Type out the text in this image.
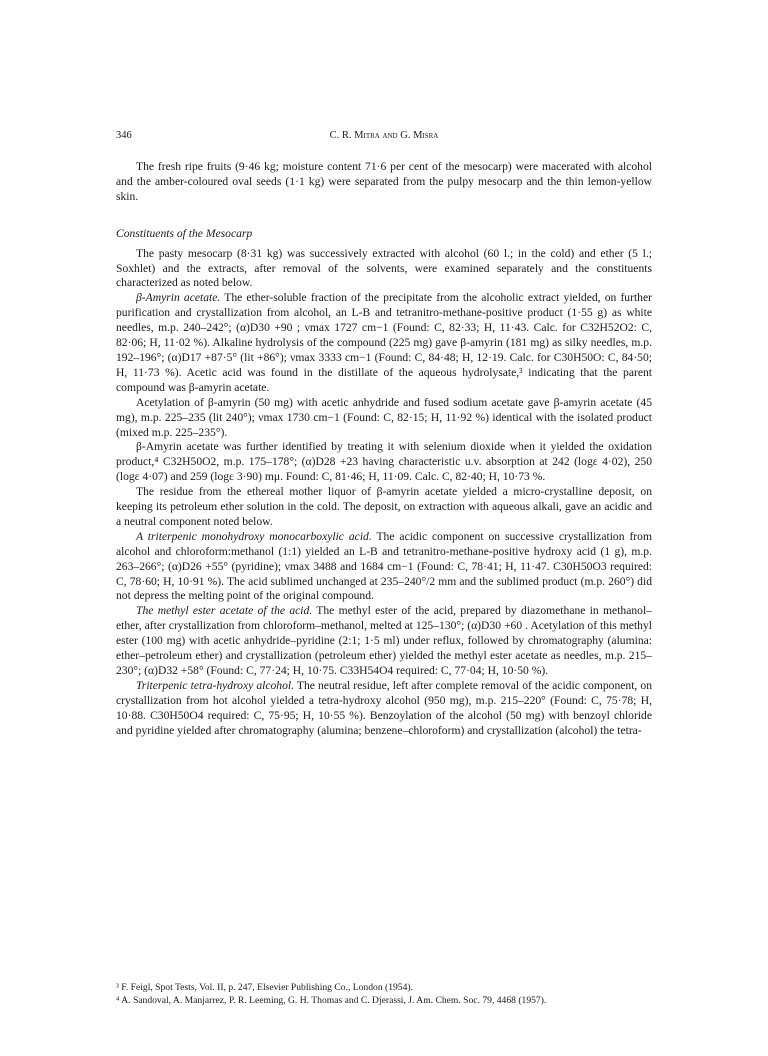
346	C. R. Mitra and G. Misra

The fresh ripe fruits (9·46 kg; moisture content 71·6 per cent of the mesocarp) were macerated with alcohol and the amber-coloured oval seeds (1·1 kg) were separated from the pulpy mesocarp and the thin lemon-yellow skin.

Constituents of the Mesocarp

The pasty mesocarp (8·31 kg) was successively extracted with alcohol (60 l.; in the cold) and ether (5 l.; Soxhlet) and the extracts, after removal of the solvents, were examined separately and the constituents characterized as noted below.

β-Amyrin acetate. The ether-soluble fraction of the precipitate from the alcoholic extract yielded, on further purification and crystallization from alcohol, an L-B and tetranitro-methane-positive product (1·55 g) as white needles, m.p. 240–242°; (α)D30 +90 ; νmax 1727 cm−1 (Found: C, 82·33; H, 11·43. Calc. for C32H52O2: C, 82·06; H, 11·02 %). Alkaline hydrolysis of the compound (225 mg) gave β-amyrin (181 mg) as silky needles, m.p. 192–196°; (α)D17 +87·5° (lit +86°); νmax 3333 cm−1 (Found: C, 84·48; H, 12·19. Calc. for C30H50O: C, 84·50; H, 11·73 %). Acetic acid was found in the distillate of the aqueous hydrolysate,³ indicating that the parent compound was β-amyrin acetate.

Acetylation of β-amyrin (50 mg) with acetic anhydride and fused sodium acetate gave β-amyrin acetate (45 mg), m.p. 225–235 (lit 240°); νmax 1730 cm−1 (Found: C, 82·15; H, 11·92 %) identical with the isolated product (mixed m.p. 225–235°).

β-Amyrin acetate was further identified by treating it with selenium dioxide when it yielded the oxidation product,⁴ C32H50O2, m.p. 175–178°; (α)D28 +23 having characteristic u.v. absorption at 242 (logε 4·02), 250 (logε 4·07) and 259 (logε 3·90) mμ. Found: C, 81·46; H, 11·09. Calc. C, 82·40; H, 10·73 %.

The residue from the ethereal mother liquor of β-amyrin acetate yielded a micro-crystalline deposit, on keeping its petroleum ether solution in the cold. The deposit, on extraction with aqueous alkali, gave an acidic and a neutral component noted below.

A triterpenic monohydroxy monocarboxylic acid. The acidic component on successive crystallization from alcohol and chloroform:methanol (1:1) yielded an L-B and tetranitro-methane-positive hydroxy acid (1 g), m.p. 263–266°; (α)D26 +55° (pyridine); νmax 3488 and 1684 cm−1 (Found: C, 78·41; H, 11·47. C30H50O3 required: C, 78·60; H, 10·91 %). The acid sublimed unchanged at 235–240°/2 mm and the sublimed product (m.p. 260°) did not depress the melting point of the original compound.

The methyl ester acetate of the acid. The methyl ester of the acid, prepared by diazomethane in methanol–ether, after crystallization from chloroform–methanol, melted at 125–130°; (α)D30 +60 . Acetylation of this methyl ester (100 mg) with acetic anhydride–pyridine (2:1; 1·5 ml) under reflux, followed by chromatography (alumina: ether–petroleum ether) and crystallization (petroleum ether) yielded the methyl ester acetate as needles, m.p. 215–230°; (α)D32 +58° (Found: C, 77·24; H, 10·75. C33H54O4 required: C, 77·04; H, 10·50 %).

Triterpenic tetra-hydroxy alcohol. The neutral residue, left after complete removal of the acidic component, on crystallization from hot alcohol yielded a tetra-hydroxy alcohol (950 mg), m.p. 215–220° (Found: C, 75·78; H, 10·88. C30H50O4 required: C, 75·95; H, 10·55 %). Benzoylation of the alcohol (50 mg) with benzoyl chloride and pyridine yielded after chromatography (alumina; benzene–chloroform) and crystallization (alcohol) the tetra-

³ F. Feigl, Spot Tests, Vol. II, p. 247, Elsevier Publishing Co., London (1954).

⁴ A. Sandoval, A. Manjarrez, P. R. Leeming, G. H. Thomas and C. Djerassi, J. Am. Chem. Soc. 79, 4468 (1957).
